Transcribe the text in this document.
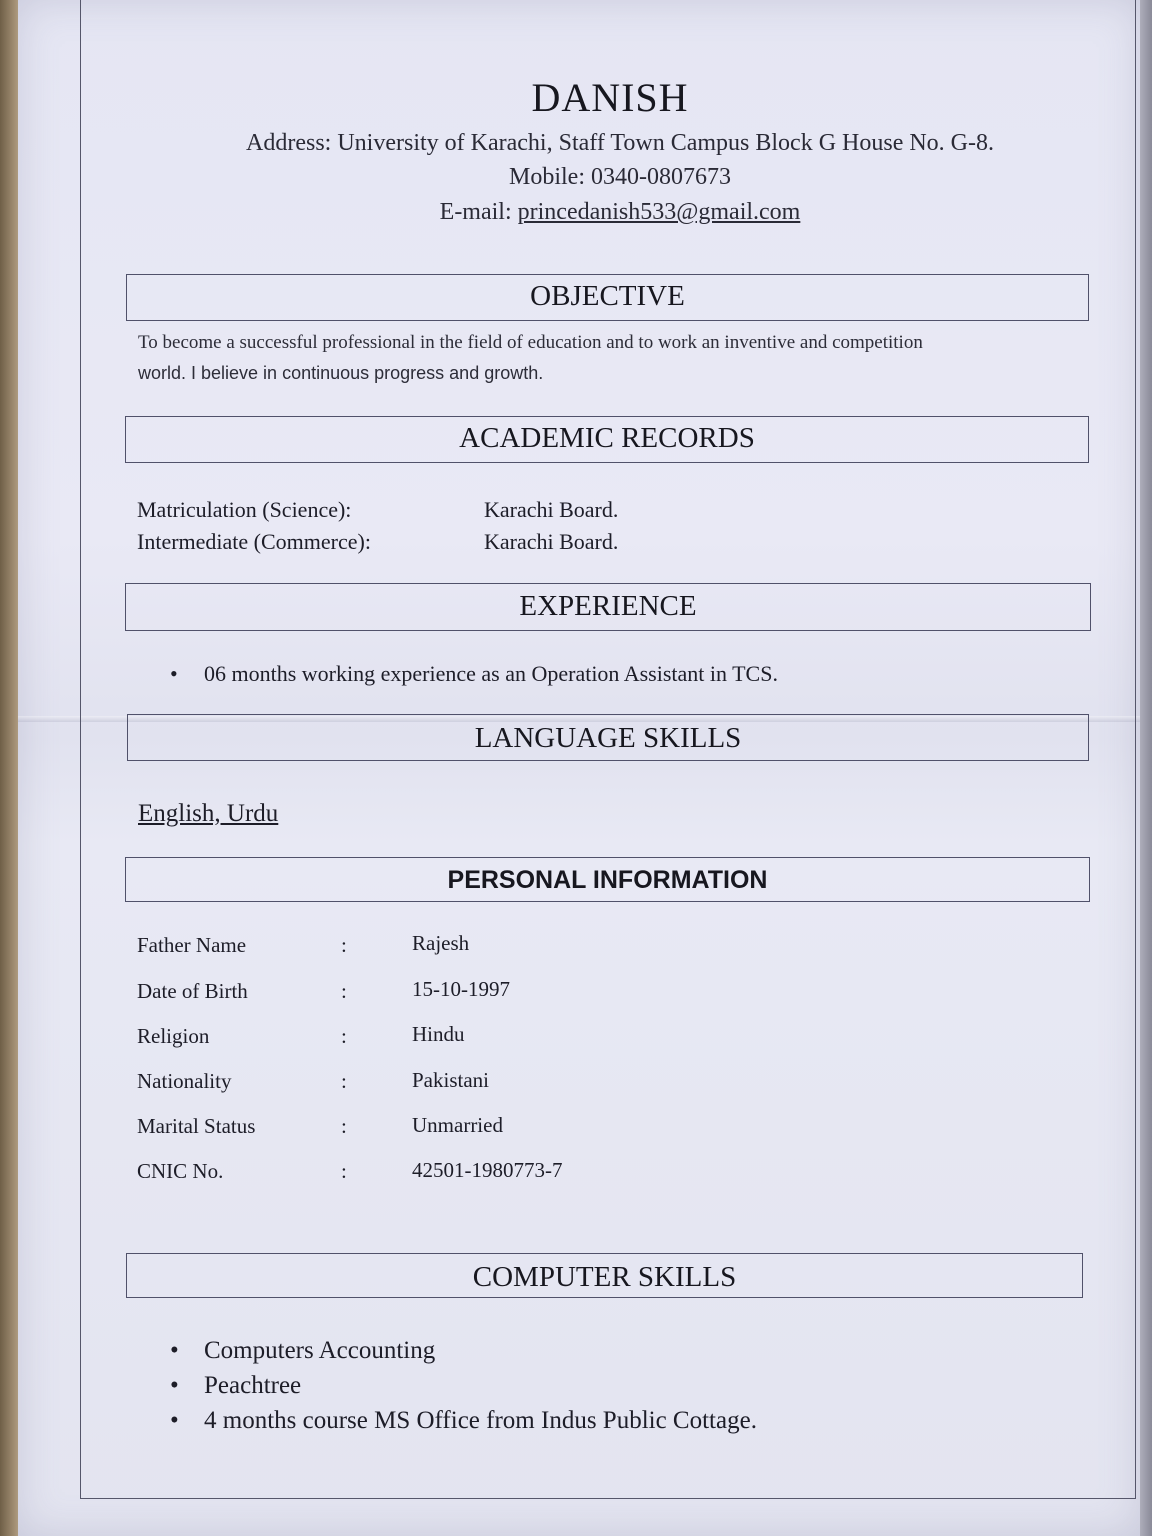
DANISH
Address: University of Karachi, Staff Town Campus Block G House No. G-8.
Mobile: 0340-0807673
E-mail: princedanish533@gmail.com
OBJECTIVE
To become a successful professional in the field of education and to work an inventive and competition
world. I believe in continuous progress and growth.
ACADEMIC RECORDS
Matriculation (Science):	Karachi Board.
Intermediate (Commerce):	Karachi Board.
EXPERIENCE
• 06 months working experience as an Operation Assistant in TCS.
LANGUAGE SKILLS
English, Urdu
PERSONAL INFORMATION
Father Name	:	Rajesh
Date of Birth	:	15-10-1997
Religion	:	Hindu
Nationality	:	Pakistani
Marital Status	:	Unmarried
CNIC No.	:	42501-1980773-7
COMPUTER SKILLS
• Computers Accounting
• Peachtree
• 4 months course MS Office from Indus Public Cottage.
